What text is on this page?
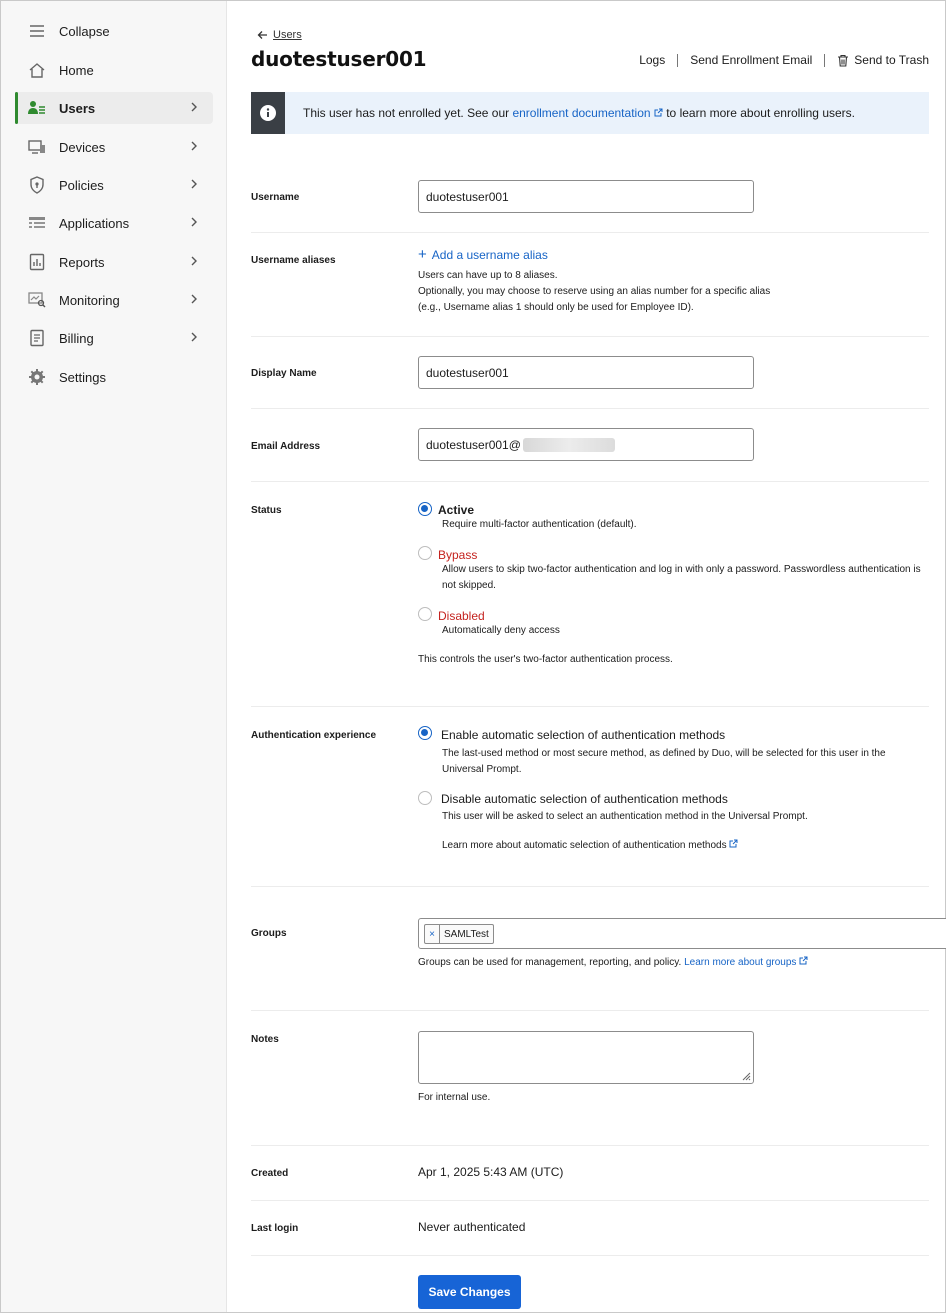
Collapse
Home
Users
Devices
Policies
Applications
Reports
Monitoring
Billing
Settings
Users
duotestuser001	Logs Send Enrollment Email	Send to Trash
This user has not enrolled yet. See our enrollment documentation  to learn more about enrolling users.
Username	duotestuser001
Username aliases	+ Add a username alias
Users can have up to 8 aliases.
Optionally, you may choose to reserve using an alias number for a specific alias
(e.g., Username alias 1 should only be used for Employee ID).
Display Name	duotestuser001
Email Address	duotestuser001@
Status	Active
Require multi-factor authentication (default).
Bypass
Allow users to skip two-factor authentication and log in with only a password. Passwordless authentication is not skipped.
Disabled
Automatically deny access
This controls the user's two-factor authentication process.
Authentication experience	Enable automatic selection of authentication methods
The last-used method or most secure method, as defined by Duo, will be selected for this user in the Universal Prompt.
Disable automatic selection of authentication methods
This user will be asked to select an authentication method in the Universal Prompt.
Learn more about automatic selection of authentication methods
Groups	× SAMLTest
Groups can be used for management, reporting, and policy. Learn more about groups
Notes
For internal use.
Created	Apr 1, 2025 5:43 AM (UTC)
Last login	Never authenticated
Save Changes
